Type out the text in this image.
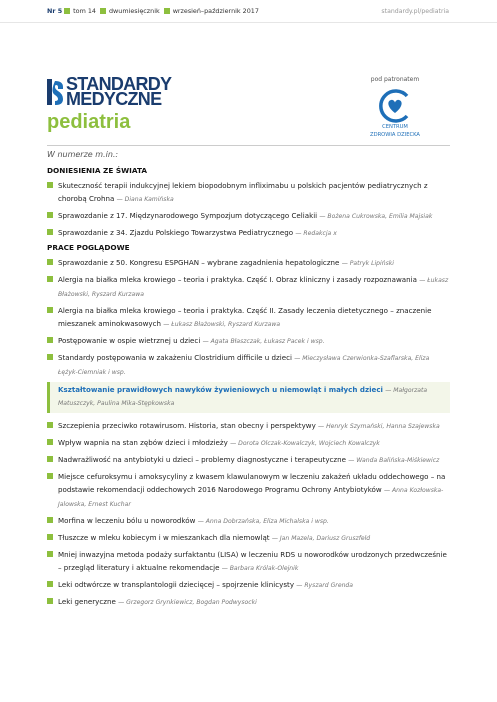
Nr 5 tom 14 dwumiesięcznik wrzesień–październik 2017	standardy.pl/pediatria
STANDARDY
MEDYCZNE
pediatria
pod patronatem
CENTRUM
ZDROWIA DZIECKA
W numerze m.in.:
DONIESIENIA ZE ŚWIATA
Skuteczność terapii indukcyjnej lekiem biopodobnym infliximabu u polskich pacjentów pediatrycznych z chorobą Crohna — Diana Kamińska
Sprawozdanie z 17. Międzynarodowego Sympozjum dotyczącego Celiakii — Bożena Cukrowska, Emilia Majsiak
Sprawozdanie z 34. Zjazdu Polskiego Towarzystwa Pediatrycznego — Redakcja x
PRACE POGLĄDOWE
Sprawozdanie z 50. Kongresu ESPGHAN – wybrane zagadnienia hepatologiczne — Patryk Lipiński
Alergia na białka mleka krowiego – teoria i praktyka. Część I. Obraz kliniczny i zasady rozpoznawania — Łukasz Błażowski, Ryszard Kurzawa
Alergia na białka mleka krowiego – teoria i praktyka. Część II. Zasady leczenia dietetycznego – znaczenie mieszanek aminokwasowych — Łukasz Błażowski, Ryszard Kurzawa
Postępowanie w ospie wietrznej u dzieci — Agata Błaszczak, Łukasz Pacek i wsp.
Standardy postępowania w zakażeniu Clostridium difficile u dzieci — Mieczysława Czerwionka-Szaflarska, Eliza Łężyk-Ciemniak i wsp.
Kształtowanie prawidłowych nawyków żywieniowych u niemowląt i małych dzieci — Małgorzata Matuszczyk, Paulina Mika-Stępkowska
Szczepienia przeciwko rotawirusom. Historia, stan obecny i perspektywy — Henryk Szymański, Hanna Szajewska
Wpływ wapnia na stan zębów dzieci i młodzieży — Dorota Olczak-Kowalczyk, Wojciech Kowalczyk
Nadwrażliwość na antybiotyki u dzieci – problemy diagnostyczne i terapeutyczne — Wanda Balińska-Miśkiewicz
Miejsce cefuroksymu i amoksycyliny z kwasem klawulanowym w leczeniu zakażeń układu oddechowego – na podstawie rekomendacji oddechowych 2016 Narodowego Programu Ochrony Antybiotyków — Anna Kozłowska-Jalowska, Ernest Kuchar
Morfina w leczeniu bólu u noworodków — Anna Dobrzańska, Eliza Michalska i wsp.
Tłuszcze w mleku kobiecym i w mieszankach dla niemowląt — Jan Mazela, Dariusz Gruszfeld
Mniej inwazyjna metoda podaży surfaktantu (LISA) w leczeniu RDS u noworodków urodzonych przedwcześnie – przegląd literatury i aktualne rekomendacje — Barbara Królak-Olejnik
Leki odtwórcze w transplantologii dziecięcej – spojrzenie klinicysty — Ryszard Grenda
Leki generyczne — Grzegorz Grynkiewicz, Bogdan Podwysocki
